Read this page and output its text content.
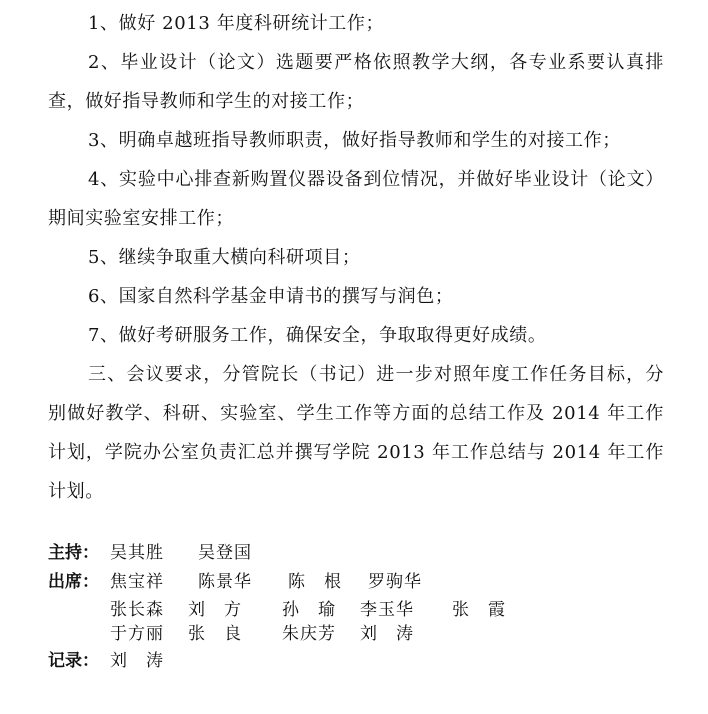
1、做好 2013 年度科研统计工作；

2、毕业设计（论文）选题要严格依照教学大纲，各专业系要认真排查，做好指导教师和学生的对接工作；

3、明确卓越班指导教师职责，做好指导教师和学生的对接工作；

4、实验中心排查新购置仪器设备到位情况，并做好毕业设计（论文）期间实验室安排工作；

5、继续争取重大横向科研项目；

6、国家自然科学基金申请书的撰写与润色；

7、做好考研服务工作，确保安全，争取取得更好成绩。

三、会议要求，分管院长（书记）进一步对照年度工作任务目标，分别做好教学、科研、实验室、学生工作等方面的总结工作及 2014 年工作计划，学院办公室负责汇总并撰写学院 2013 年工作总结与 2014 年工作计划。

主持： 吴其胜 吴登国
出席： 焦宝祥 陈景华 陈　根 罗驹华
张长森 刘　方 孙　瑜 李玉华 张　霞
于方丽 张　良 朱庆芳 刘　涛
记录： 刘　涛
